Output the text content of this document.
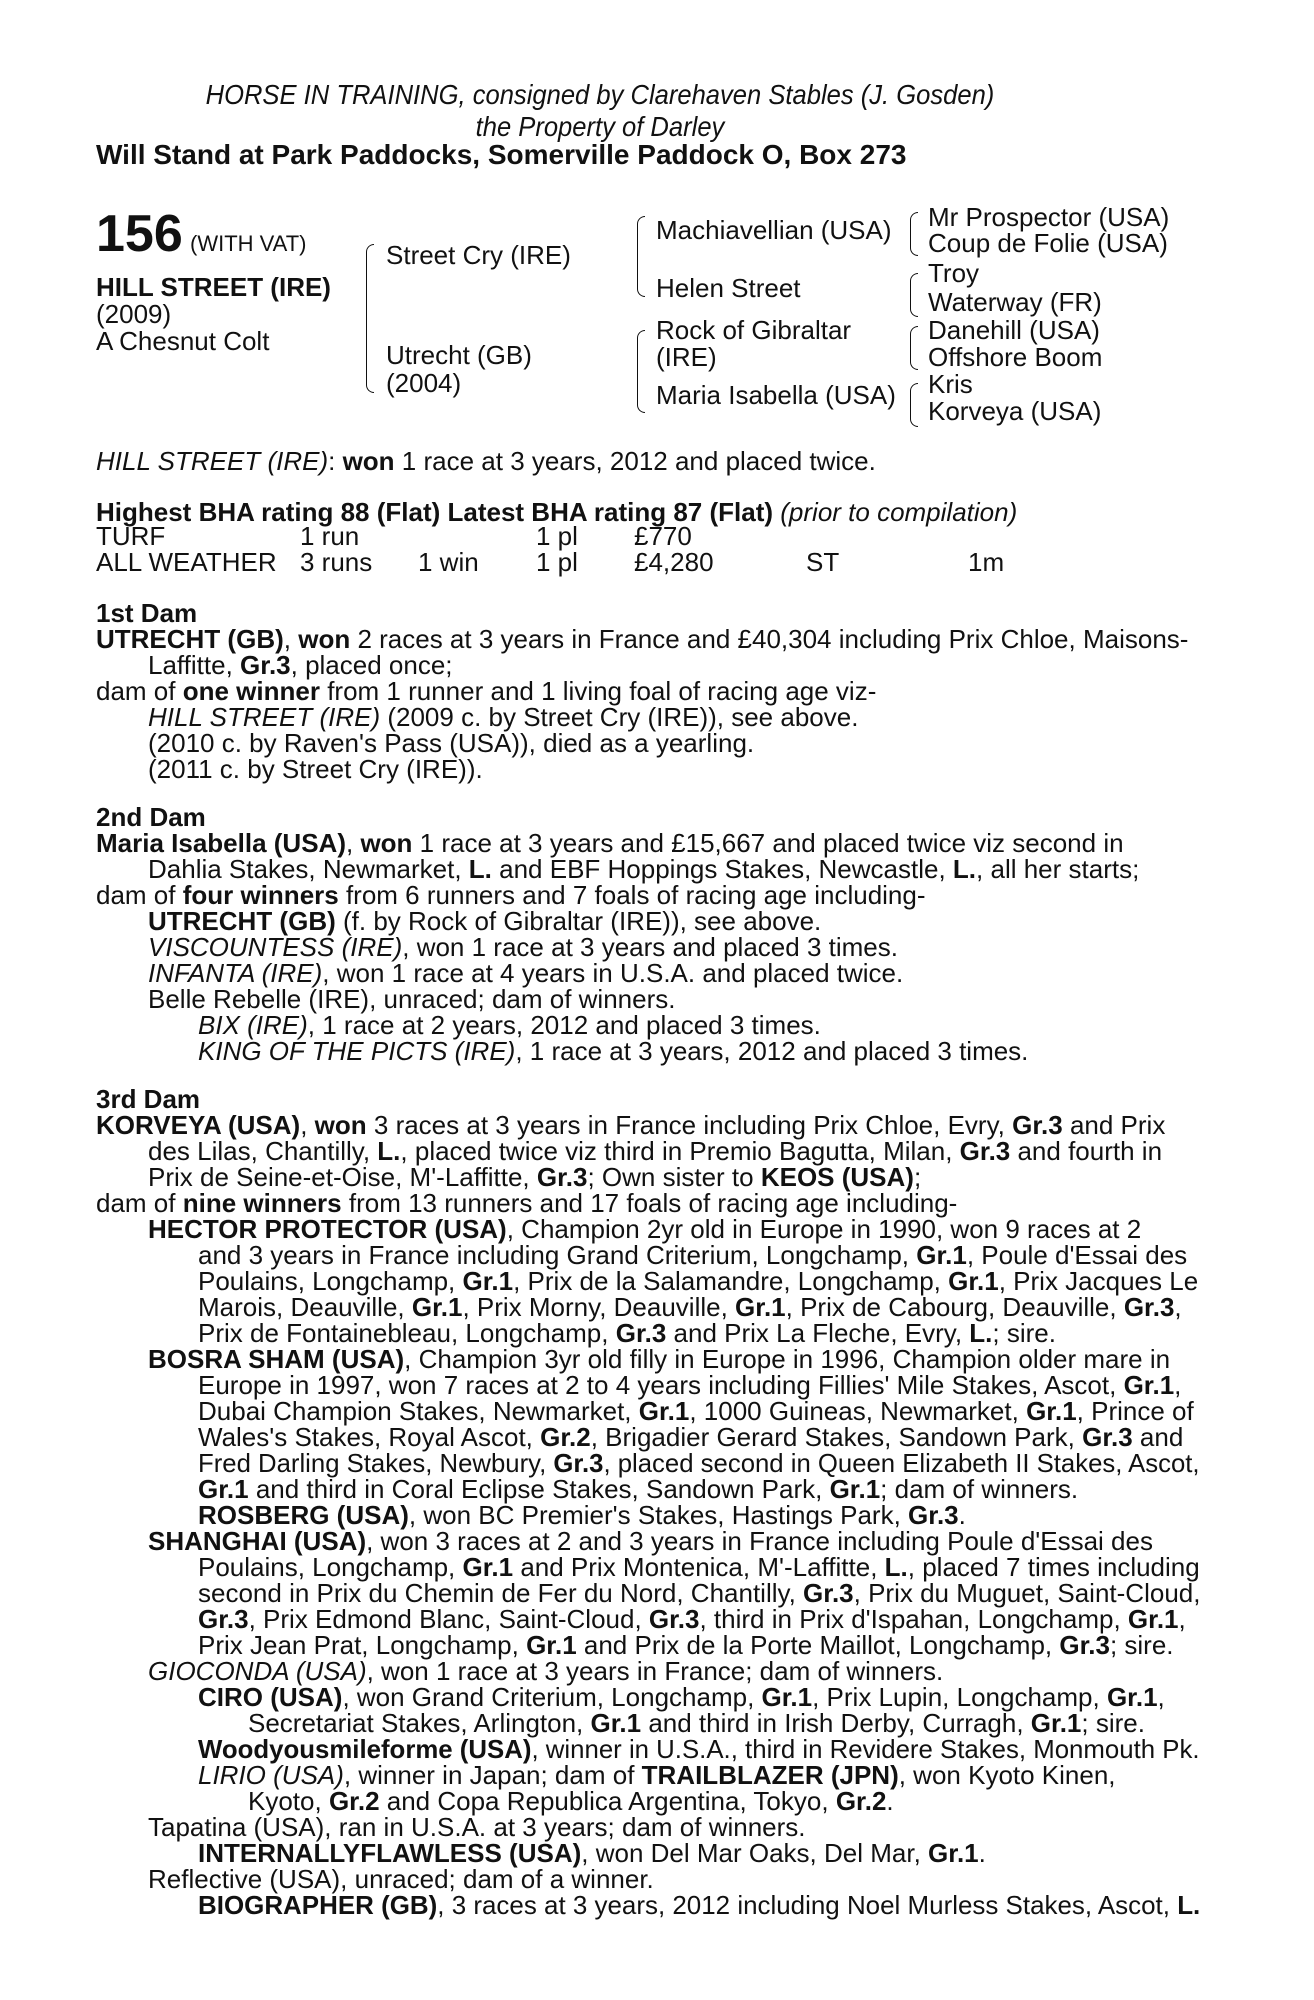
HORSE IN TRAINING, consigned by Clarehaven Stables (J. Gosden)
the Property of Darley
Will Stand at Park Paddocks, Somerville Paddock O, Box 273
156 (WITH VAT)
HILL STREET (IRE)
(2009)
A Chesnut Colt
Street Cry (IRE)
Utrecht (GB)
(2004)
Machiavellian (USA)
Helen Street
Rock of Gibraltar
(IRE)
Maria Isabella (USA)
Mr Prospector (USA)
Coup de Folie (USA)
Troy
Waterway (FR)
Danehill (USA)
Offshore Boom
Kris
Korveya (USA)
HILL STREET (IRE): won 1 race at 3 years, 2012 and placed twice.
Highest BHA rating 88 (Flat) Latest BHA rating 87 (Flat) (prior to compilation)
TURF	1 run	1 pl £770
ALL WEATHER 3 runs 1 win 1 pl £4,280	ST	1m
1st Dam
UTRECHT (GB), won 2 races at 3 years in France and £40,304 including Prix Chloe, Maisons-
Laffitte, Gr.3, placed once;
dam of one winner from 1 runner and 1 living foal of racing age viz-
HILL STREET (IRE) (2009 c. by Street Cry (IRE)), see above.
(2010 c. by Raven's Pass (USA)), died as a yearling.
(2011 c. by Street Cry (IRE)).
2nd Dam
Maria Isabella (USA), won 1 race at 3 years and £15,667 and placed twice viz second in
Dahlia Stakes, Newmarket, L. and EBF Hoppings Stakes, Newcastle, L., all her starts;
dam of four winners from 6 runners and 7 foals of racing age including-
UTRECHT (GB) (f. by Rock of Gibraltar (IRE)), see above.
VISCOUNTESS (IRE), won 1 race at 3 years and placed 3 times.
INFANTA (IRE), won 1 race at 4 years in U.S.A. and placed twice.
Belle Rebelle (IRE), unraced; dam of winners.
BIX (IRE), 1 race at 2 years, 2012 and placed 3 times.
KING OF THE PICTS (IRE), 1 race at 3 years, 2012 and placed 3 times.
3rd Dam
KORVEYA (USA), won 3 races at 3 years in France including Prix Chloe, Evry, Gr.3 and Prix
des Lilas, Chantilly, L., placed twice viz third in Premio Bagutta, Milan, Gr.3 and fourth in
Prix de Seine-et-Oise, M'-Laffitte, Gr.3; Own sister to KEOS (USA);
dam of nine winners from 13 runners and 17 foals of racing age including-
HECTOR PROTECTOR (USA), Champion 2yr old in Europe in 1990, won 9 races at 2
and 3 years in France including Grand Criterium, Longchamp, Gr.1, Poule d'Essai des
Poulains, Longchamp, Gr.1, Prix de la Salamandre, Longchamp, Gr.1, Prix Jacques Le
Marois, Deauville, Gr.1, Prix Morny, Deauville, Gr.1, Prix de Cabourg, Deauville, Gr.3,
Prix de Fontainebleau, Longchamp, Gr.3 and Prix La Fleche, Evry, L.; sire.
BOSRA SHAM (USA), Champion 3yr old filly in Europe in 1996, Champion older mare in
Europe in 1997, won 7 races at 2 to 4 years including Fillies' Mile Stakes, Ascot, Gr.1,
Dubai Champion Stakes, Newmarket, Gr.1, 1000 Guineas, Newmarket, Gr.1, Prince of
Wales's Stakes, Royal Ascot, Gr.2, Brigadier Gerard Stakes, Sandown Park, Gr.3 and
Fred Darling Stakes, Newbury, Gr.3, placed second in Queen Elizabeth II Stakes, Ascot,
Gr.1 and third in Coral Eclipse Stakes, Sandown Park, Gr.1; dam of winners.
ROSBERG (USA), won BC Premier's Stakes, Hastings Park, Gr.3.
SHANGHAI (USA), won 3 races at 2 and 3 years in France including Poule d'Essai des
Poulains, Longchamp, Gr.1 and Prix Montenica, M'-Laffitte, L., placed 7 times including
second in Prix du Chemin de Fer du Nord, Chantilly, Gr.3, Prix du Muguet, Saint-Cloud,
Gr.3, Prix Edmond Blanc, Saint-Cloud, Gr.3, third in Prix d'Ispahan, Longchamp, Gr.1,
Prix Jean Prat, Longchamp, Gr.1 and Prix de la Porte Maillot, Longchamp, Gr.3; sire.
GIOCONDA (USA), won 1 race at 3 years in France; dam of winners.
CIRO (USA), won Grand Criterium, Longchamp, Gr.1, Prix Lupin, Longchamp, Gr.1,
Secretariat Stakes, Arlington, Gr.1 and third in Irish Derby, Curragh, Gr.1; sire.
Woodyousmileforme (USA), winner in U.S.A., third in Revidere Stakes, Monmouth Pk.
LIRIO (USA), winner in Japan; dam of TRAILBLAZER (JPN), won Kyoto Kinen,
Kyoto, Gr.2 and Copa Republica Argentina, Tokyo, Gr.2.
Tapatina (USA), ran in U.S.A. at 3 years; dam of winners.
INTERNALLYFLAWLESS (USA), won Del Mar Oaks, Del Mar, Gr.1.
Reflective (USA), unraced; dam of a winner.
BIOGRAPHER (GB), 3 races at 3 years, 2012 including Noel Murless Stakes, Ascot, L.
